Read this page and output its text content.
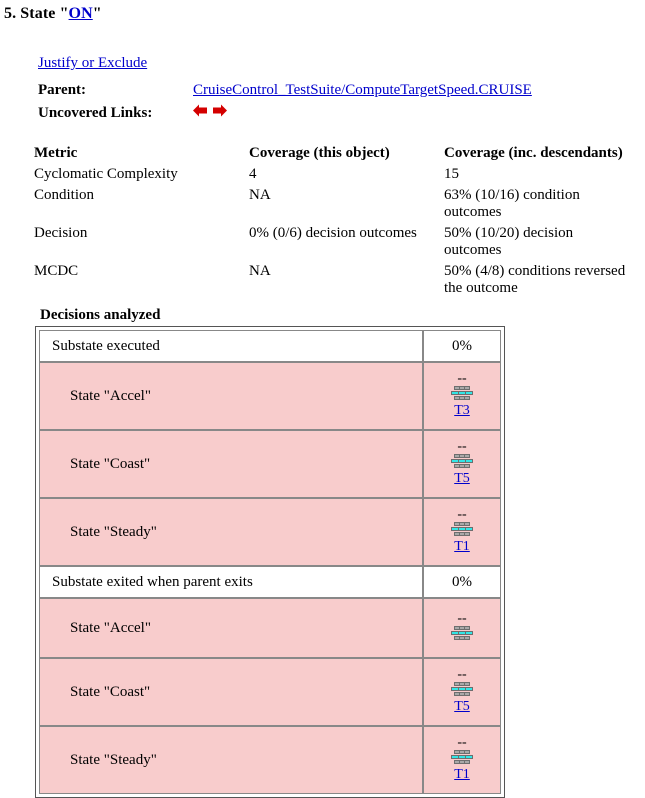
5. State "ON"
Justify or Exclude
Parent:	CruiseControl_TestSuite/ComputeTargetSpeed.CRUISE
Uncovered Links:
Metric	Coverage (this object)	Coverage (inc. descendants)
Cyclomatic Complexity	4	15
Condition	NA	63% (10/16) condition outcomes
Decision	0% (0/6) decision outcomes	50% (10/20) decision outcomes
MCDC	NA	50% (4/8) conditions reversed the outcome
Decisions analyzed
Substate executed	0%
State "Accel"	--
T3

State "Coast"	--
T5

State "Steady"	--
T1

Substate exited when parent exits	0%
State "Accel"	--

State "Coast"	--
T5

State "Steady"	--
T1
